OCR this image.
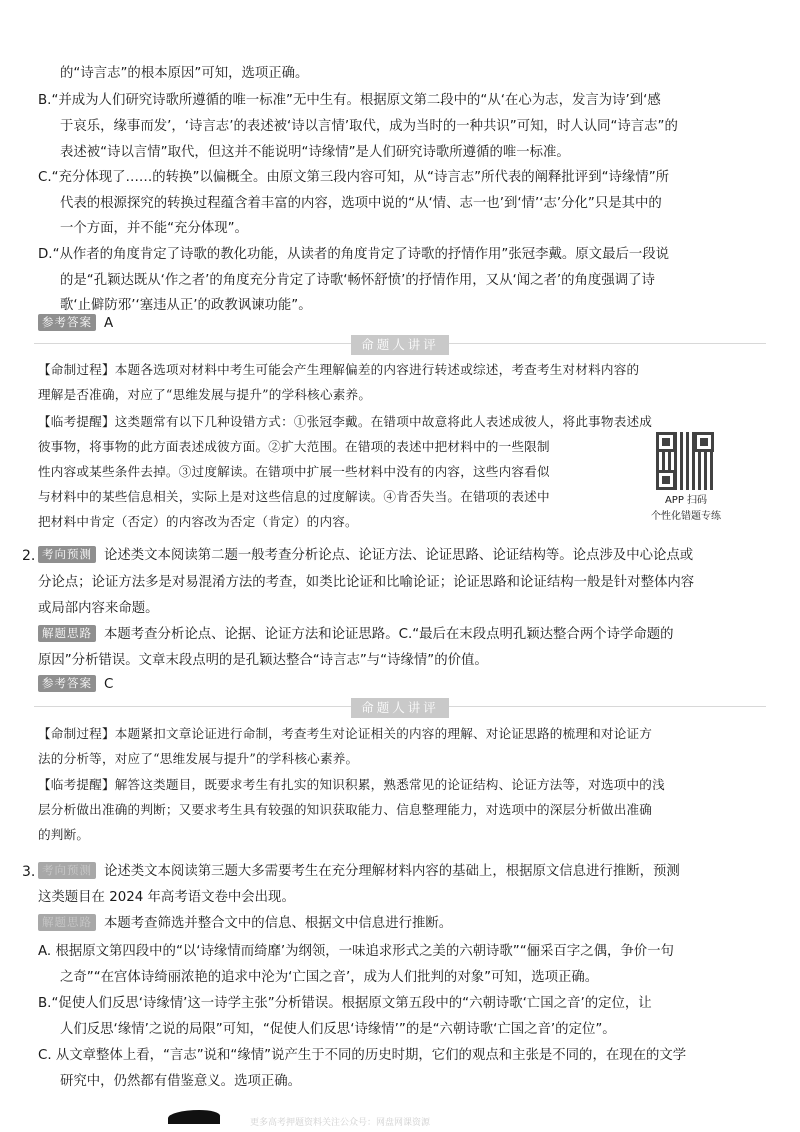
的“诗言志”的根本原因”可知，选项正确。

B.“并成为人们研究诗歌所遵循的唯一标准”无中生有。根据原文第二段中的“从‘在心为志，发言为诗’到‘感

于哀乐，缘事而发’，‘诗言志’的表述被‘诗以言情’取代，成为当时的一种共识”可知，时人认同“诗言志”的

表述被“诗以言情”取代，但这并不能说明“诗缘情”是人们研究诗歌所遵循的唯一标准。

C.“充分体现了……的转换”以偏概全。由原文第三段内容可知，从“诗言志”所代表的阐释批评到“诗缘情”所

代表的根源探究的转换过程蕴含着丰富的内容，选项中说的“从‘情、志一也’到‘情’‘志’分化”只是其中的

一个方面，并不能“充分体现”。

D.“从作者的角度肯定了诗歌的教化功能，从读者的角度肯定了诗歌的抒情作用”张冠李戴。原文最后一段说

的是“孔颖达既从‘作之者’的角度充分肯定了诗歌‘畅怀舒愤’的抒情作用，又从‘闻之者’的角度强调了诗

歌‘止僻防邪’‘塞违从正’的政教讽谏功能”。

参考答案 A

命题人讲评

【命制过程】本题各选项对材料中考生可能会产生理解偏差的内容进行转述或综述，考查考生对材料内容的

理解是否准确，对应了“思维发展与提升”的学科核心素养。

【临考提醒】这类题常有以下几种设错方式：①张冠李戴。在错项中故意将此人表述成彼人，将此事物表述成

彼事物，将事物的此方面表述成彼方面。②扩大范围。在错项的表述中把材料中的一些限制

性内容或某些条件去掉。③过度解读。在错项中扩展一些材料中没有的内容，这些内容看似

与材料中的某些信息相关，实际上是对这些信息的过度解读。④肯否失当。在错项的表述中

把材料中肯定（否定）的内容改为否定（肯定）的内容。

APP 扫码
个性化错题专练
2. 考向预测 论述类文本阅读第二题一般考查分析论点、论证方法、论证思路、论证结构等。论点涉及中心论点或

分论点；论证方法多是对易混淆方法的考查，如类比论证和比喻论证；论证思路和论证结构一般是针对整体内容

或局部内容来命题。

解题思路 本题考查分析论点、论据、论证方法和论证思路。C.“最后在末段点明孔颖达整合两个诗学命题的

原因”分析错误。文章末段点明的是孔颖达整合“诗言志”与“诗缘情”的价值。

参考答案 C

命题人讲评

【命制过程】本题紧扣文章论证进行命制，考查考生对论证相关的内容的理解、对论证思路的梳理和对论证方

法的分析等，对应了“思维发展与提升”的学科核心素养。

【临考提醒】解答这类题目，既要求考生有扎实的知识积累，熟悉常见的论证结构、论证方法等，对选项中的浅

层分析做出准确的判断；又要求考生具有较强的知识获取能力、信息整理能力，对选项中的深层分析做出准确

的判断。

3. 考向预测 论述类文本阅读第三题大多需要考生在充分理解材料内容的基础上，根据原文信息进行推断，预测

这类题目在 2024 年高考语文卷中会出现。

解题思路 本题考查筛选并整合文中的信息、根据文中信息进行推断。

A. 根据原文第四段中的“以‘诗缘情而绮靡’为纲领，一味追求形式之美的六朝诗歌”“俪采百字之偶，争价一句

之奇”“在宫体诗绮丽浓艳的追求中沦为‘亡国之音’，成为人们批判的对象”可知，选项正确。

B.“促使人们反思‘诗缘情’这一诗学主张”分析错误。根据原文第五段中的“六朝诗歌‘亡国之音’的定位，让

人们反思‘缘情’之说的局限”可知，“促使人们反思‘诗缘情’”的是“六朝诗歌‘亡国之音’的定位”。

C. 从文章整体上看，“言志”说和“缘情”说产生于不同的历史时期，它们的观点和主张是不同的，在现在的文学

研究中，仍然都有借鉴意义。选项正确。

更多高考押题资料关注公众号：网盘网课资源
